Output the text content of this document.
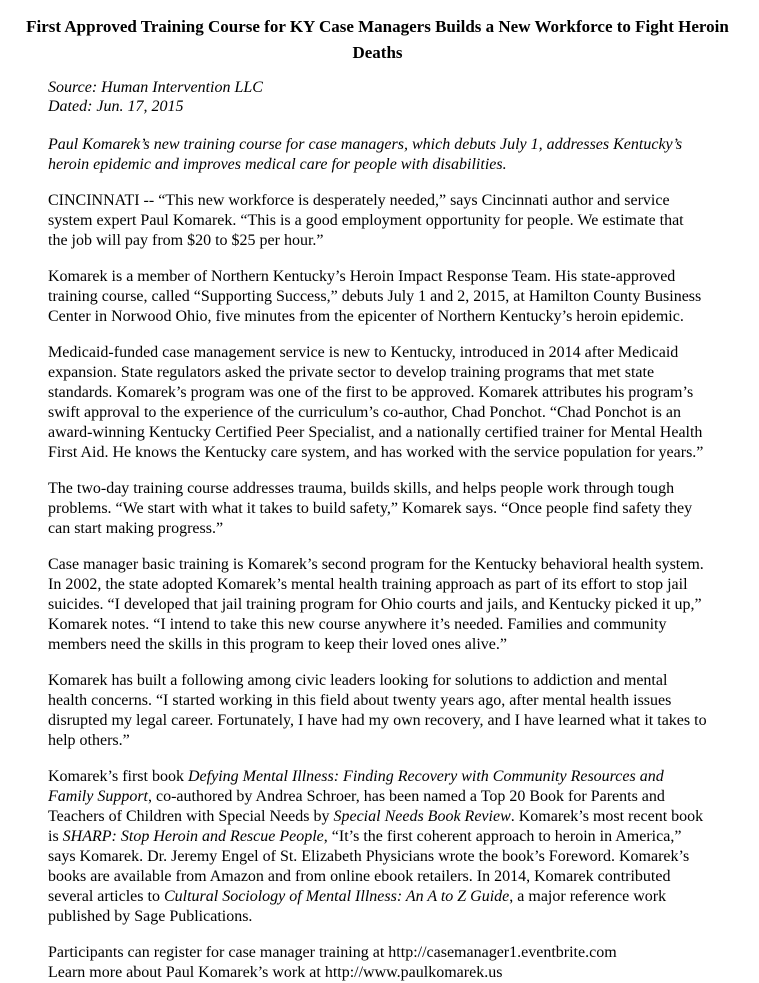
First Approved Training Course for KY Case Managers Builds a New Workforce to Fight Heroin Deaths
Source: Human Intervention LLC
Dated: Jun. 17, 2015

Paul Komarek’s new training course for case managers, which debuts July 1, addresses Kentucky’s heroin epidemic and improves medical care for people with disabilities.

CINCINNATI -- “This new workforce is desperately needed,” says Cincinnati author and service system expert Paul Komarek. “This is a good employment opportunity for people. We estimate that the job will pay from $20 to $25 per hour.”

Komarek is a member of Northern Kentucky’s Heroin Impact Response Team. His state-approved training course, called “Supporting Success,” debuts July 1 and 2, 2015, at Hamilton County Business Center in Norwood Ohio, five minutes from the epicenter of Northern Kentucky’s heroin epidemic.

Medicaid-funded case management service is new to Kentucky, introduced in 2014 after Medicaid expansion. State regulators asked the private sector to develop training programs that met state standards. Komarek’s program was one of the first to be approved. Komarek attributes his program’s swift approval to the experience of the curriculum’s co-author, Chad Ponchot. “Chad Ponchot is an award-winning Kentucky Certified Peer Specialist, and a nationally certified trainer for Mental Health First Aid. He knows the Kentucky care system, and has worked with the service population for years.”

The two-day training course addresses trauma, builds skills, and helps people work through tough problems. “We start with what it takes to build safety,” Komarek says. “Once people find safety they can start making progress.”

Case manager basic training is Komarek’s second program for the Kentucky behavioral health system. In 2002, the state adopted Komarek’s mental health training approach as part of its effort to stop jail suicides. “I developed that jail training program for Ohio courts and jails, and Kentucky picked it up,” Komarek notes. “I intend to take this new course anywhere it’s needed. Families and community members need the skills in this program to keep their loved ones alive.”

Komarek has built a following among civic leaders looking for solutions to addiction and mental health concerns. “I started working in this field about twenty years ago, after mental health issues disrupted my legal career. Fortunately, I have had my own recovery, and I have learned what it takes to help others.”

Komarek’s first book Defying Mental Illness: Finding Recovery with Community Resources and Family Support, co-authored by Andrea Schroer, has been named a Top 20 Book for Parents and Teachers of Children with Special Needs by Special Needs Book Review. Komarek’s most recent book is SHARP: Stop Heroin and Rescue People, “It’s the first coherent approach to heroin in America,” says Komarek. Dr. Jeremy Engel of St. Elizabeth Physicians wrote the book’s Foreword. Komarek’s books are available from Amazon and from online ebook retailers. In 2014, Komarek contributed several articles to Cultural Sociology of Mental Illness: An A to Z Guide, a major reference work published by Sage Publications.

Participants can register for case manager training at http://casemanager1.eventbrite.com
Learn more about Paul Komarek’s work at http://www.paulkomarek.us
